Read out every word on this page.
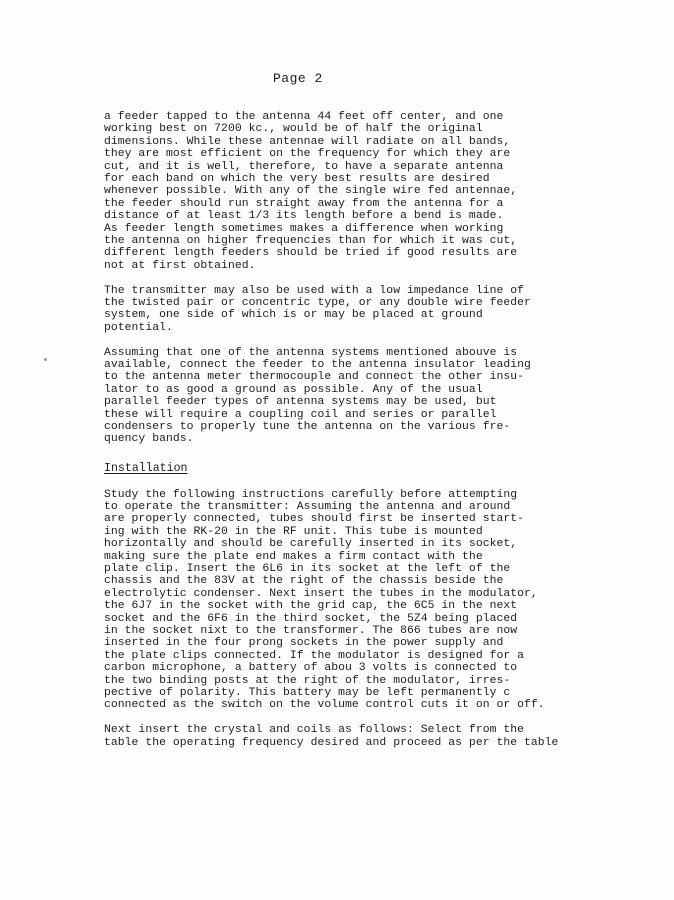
Page 2
a feeder tapped to the antenna 44 feet off center, and one
working best on 7200 kc., would be of half the original
dimensions. While these antennae will radiate on all bands,
they are most efficient on the frequency for which they are
cut, and it is well, therefore, to have a separate antenna
for each band on which the very best results are desired
whenever possible. With any of the single wire fed antennae,
the feeder should run straight away from the antenna for a
distance of at least 1/3 its length before a bend is made.
As feeder length sometimes makes a difference when working
the antenna on higher frequencies than for which it was cut,
different length feeders should be tried if good results are
not at first obtained.
The transmitter may also be used with a low impedance line of
the twisted pair or concentric type, or any double wire feeder
system, one side of which is or may be placed at ground
potential.
Assuming that one of the antenna systems mentioned abouve is
available, connect the feeder to the antenna insulator leading
to the antenna meter thermocouple and connect the other insu-
lator to as good a ground as possible. Any of the usual
parallel feeder types of antenna systems may be used, but
these will require a coupling coil and series or parallel
condensers to properly tune the antenna on the various fre-
quency bands.
Installation
Study the following instructions carefully before attempting
to operate the transmitter: Assuming the antenna and around
are properly connected, tubes should first be inserted start-
ing with the RK-20 in the RF unit. This tube is mounted
horizontally and should be carefully inserted in its socket,
making sure the plate end makes a firm contact with the
plate clip. Insert the 6L6 in its socket at the left of the
chassis and the 83V at the right of the chassis beside the
electrolytic condenser. Next insert the tubes in the modulator,
the 6J7 in the socket with the grid cap, the 6C5 in the next
socket and the 6F6 in the third socket, the 5Z4 being placed
in the socket nixt to the transformer. The 866 tubes are now
inserted in the four prong sockets in the power supply and
the plate clips connected. If the modulator is designed for a
carbon microphone, a battery of abou 3 volts is connected to
the two binding posts at the right of the modulator, irres-
pective of polarity. This battery may be left permanently c
connected as the switch on the volume control cuts it on or off.
Next insert the crystal and coils as follows: Select from the
table the operating frequency desired and proceed as per the table
